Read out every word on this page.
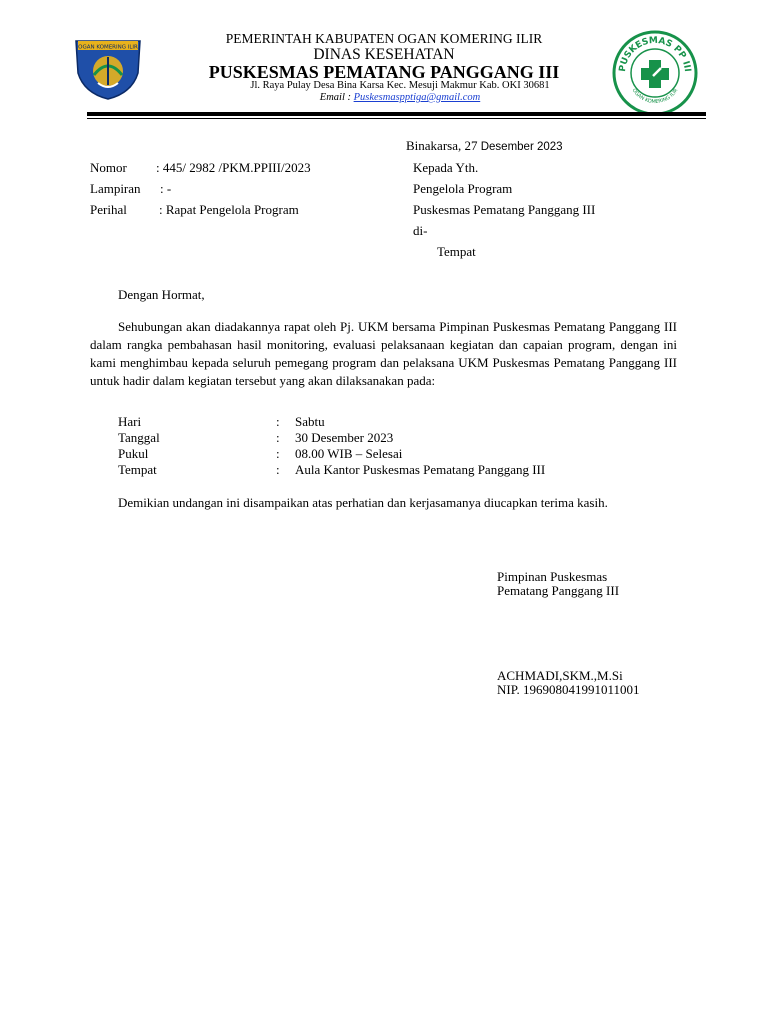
OGAN KOMERING ILIR
PEMERINTAH KABUPATEN OGAN KOMERING ILIR
DINAS KESEHATAN
PUSKESMAS PEMATANG PANGGANG III
Jl. Raya Pulay Desa Bina Karsa Kec. Mesuji Makmur Kab. OKI 30681
Email : Puskesmaspptiga@gmail.com
PUSKESMAS PP III
OGAN KOMERING ILIR
Binakarsa, 27 Desember 2023
Nomor : 445/ 2982 /PKM.PPIII/2023
Lampiran : -
Perihal : Rapat Pengelola Program
Kepada Yth.
Pengelola Program
Puskesmas Pematang Panggang III
di-
Tempat
Dengan Hormat,
Sehubungan akan diadakannya rapat oleh Pj. UKM bersama Pimpinan Puskesmas Pematang Panggang III dalam rangka pembahasan hasil monitoring, evaluasi pelaksanaan kegiatan dan capaian program, dengan ini kami menghimbau kepada seluruh pemegang program dan pelaksana UKM Puskesmas Pematang Panggang III untuk hadir dalam kegiatan tersebut yang akan dilaksanakan pada:
Hari	: Sabtu
Tanggal	: 30 Desember 2023
Pukul	: 08.00 WIB – Selesai
Tempat	: Aula Kantor Puskesmas Pematang Panggang III
Demikian undangan ini disampaikan atas perhatian dan kerjasamanya diucapkan terima kasih.
Pimpinan Puskesmas
Pematang Panggang III
ACHMADI,SKM.,M.Si
NIP. 196908041991011001
